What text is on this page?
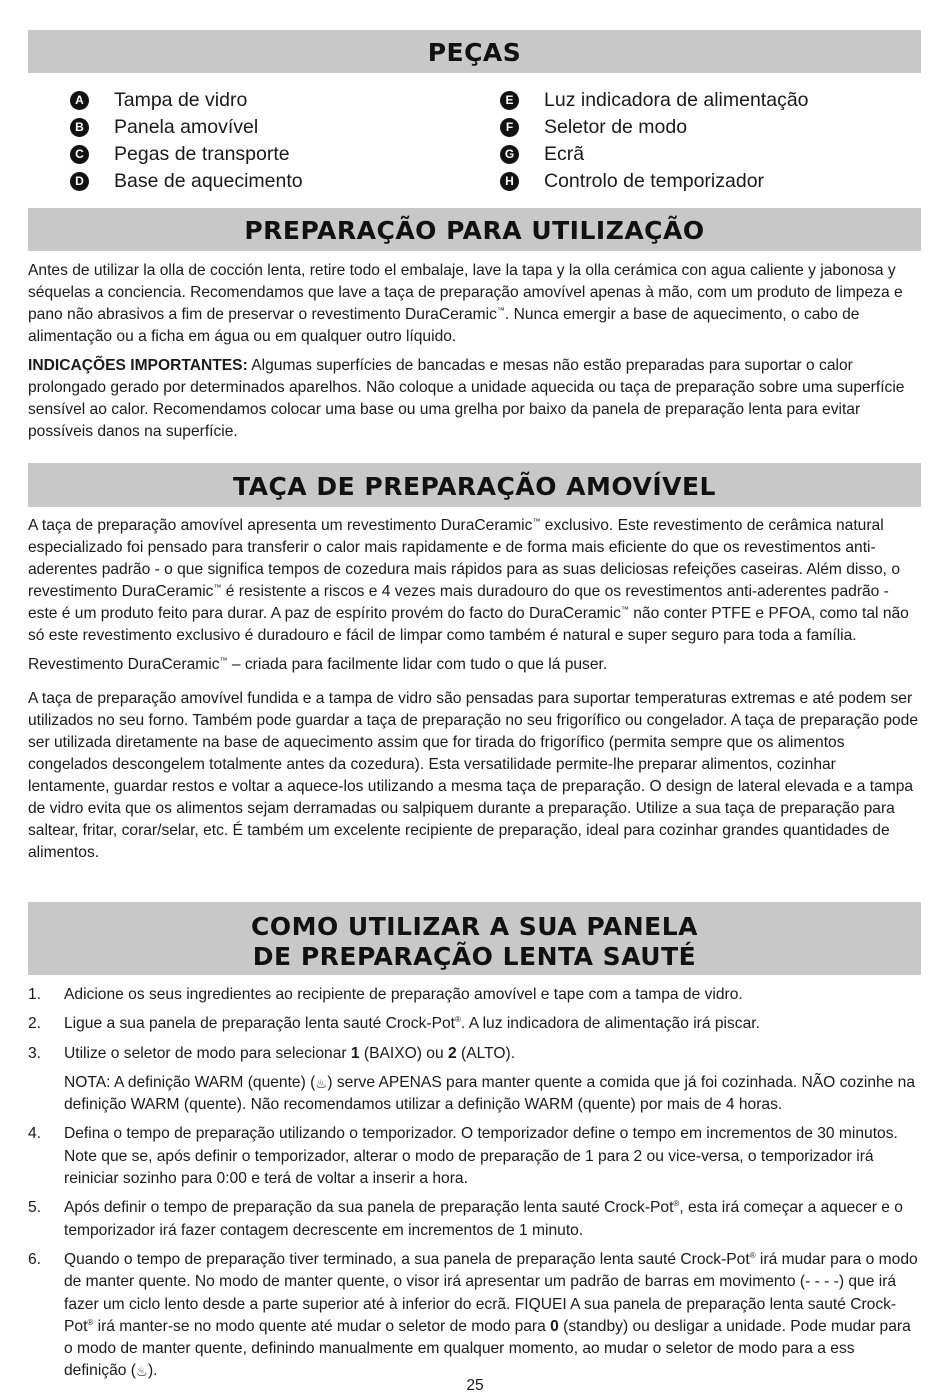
PEÇAS
A Tampa de vidro
B Panela amovível
C Pegas de transporte
D Base de aquecimento
E Luz indicadora de alimentação
F Seletor de modo
G Ecrã
H Controlo de temporizador
PREPARAÇÃO PARA UTILIZAÇÃO

Antes de utilizar la olla de cocción lenta, retire todo el embalaje, lave la tapa y la olla cerámica con agua caliente y jabonosa y séquelas a conciencia. Recomendamos que lave a taça de preparação amovível apenas à mão, com um produto de limpeza e pano não abrasivos a fim de preservar o revestimento DuraCeramic™. Nunca emergir a base de aquecimento, o cabo de alimentação ou a ficha em água ou em qualquer outro líquido.

INDICAÇÕES IMPORTANTES: Algumas superfícies de bancadas e mesas não estão preparadas para suportar o calor prolongado gerado por determinados aparelhos. Não coloque a unidade aquecida ou taça de preparação sobre uma superfície sensível ao calor. Recomendamos colocar uma base ou uma grelha por baixo da panela de preparação lenta para evitar possíveis danos na superfície.

TAÇA DE PREPARAÇÃO AMOVÍVEL

A taça de preparação amovível apresenta um revestimento DuraCeramic™ exclusivo. Este revestimento de cerâmica natural especializado foi pensado para transferir o calor mais rapidamente e de forma mais eficiente do que os revestimentos anti-aderentes padrão - o que significa tempos de cozedura mais rápidos para as suas deliciosas refeições caseiras. Além disso, o revestimento DuraCeramic™ é resistente a riscos e 4 vezes mais duradouro do que os revestimentos anti-aderentes padrão - este é um produto feito para durar. A paz de espírito provém do facto do DuraCeramic™ não conter PTFE e PFOA, como tal não só este revestimento exclusivo é duradouro e fácil de limpar como também é natural e super seguro para toda a família.

Revestimento DuraCeramic™ – criada para facilmente lidar com tudo o que lá puser.

A taça de preparação amovível fundida e a tampa de vidro são pensadas para suportar temperaturas extremas e até podem ser utilizados no seu forno. Também pode guardar a taça de preparação no seu frigorífico ou congelador. A taça de preparação pode ser utilizada diretamente na base de aquecimento assim que for tirada do frigorífico (permita sempre que os alimentos congelados descongelem totalmente antes da cozedura). Esta versatilidade permite-lhe preparar alimentos, cozinhar lentamente, guardar restos e voltar a aquece-los utilizando a mesma taça de preparação. O design de lateral elevada e a tampa de vidro evita que os alimentos sejam derramadas ou salpiquem durante a preparação. Utilize a sua taça de preparação para saltear, fritar, corar/selar, etc. É também um excelente recipiente de preparação, ideal para cozinhar grandes quantidades de alimentos.

COMO UTILIZAR A SUA PANELA
DE PREPARAÇÃO LENTA SAUTÉ
1.	Adicione os seus ingredientes ao recipiente de preparação amovível e tape com a tampa de vidro.
2.	Ligue a sua panela de preparação lenta sauté Crock-Pot®. A luz indicadora de alimentação irá piscar.
3.	Utilize o seletor de modo para selecionar 1 (BAIXO) ou 2 (ALTO).
NOTA: A definição WARM (quente) (♨) serve APENAS para manter quente a comida que já foi cozinhada. NÃO cozinhe na definição WARM (quente). Não recomendamos utilizar a definição WARM (quente) por mais de 4 horas.
4.	Defina o tempo de preparação utilizando o temporizador. O temporizador define o tempo em incrementos de 30 minutos. Note que se, após definir o temporizador, alterar o modo de preparação de 1 para 2 ou vice-versa, o temporizador irá reiniciar sozinho para 0:00 e terá de voltar a inserir a hora.
5.	Após definir o tempo de preparação da sua panela de preparação lenta sauté Crock-Pot®, esta irá começar a aquecer e o temporizador irá fazer contagem decrescente em incrementos de 1 minuto.
6.	Quando o tempo de preparação tiver terminado, a sua panela de preparação lenta sauté Crock-Pot® irá mudar para o modo de manter quente. No modo de manter quente, o visor irá apresentar um padrão de barras em movimento (- - - -) que irá fazer um ciclo lento desde a parte superior até à inferior do ecrã. FIQUEI A sua panela de preparação lenta sauté Crock-Pot® irá manter-se no modo quente até mudar o seletor de modo para 0 (standby) ou desligar a unidade. Pode mudar para o modo de manter quente, definindo manualmente em qualquer momento, ao mudar o seletor de modo para a ess definição (♨).
25
